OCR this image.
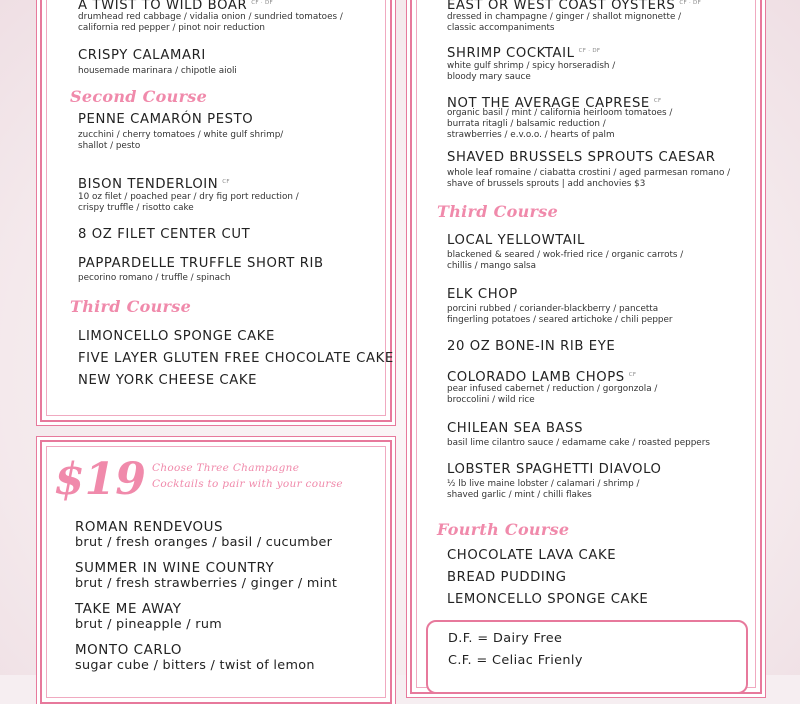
A TWIST TO WILD BOAR $^{CF \cdot DF}$
drumhead red cabbage / vidalia onion / sundried tomatoes /
california red pepper / pinot noir reduction
CRISPY CALAMARI
housemade marinara / chipotle aioli
Second Course
PENNE CAMARÓN PESTO
zucchini / cherry tomatoes / white gulf shrimp/
shallot / pesto
BISON TENDERLOIN $^{CF}$
10 oz filet / poached pear / dry fig port reduction /
crispy truffle / risotto cake
8 OZ FILET CENTER CUT
PAPPARDELLE TRUFFLE SHORT RIB
pecorino romano / truffle / spinach
Third Course
LIMONCELLO SPONGE CAKE
FIVE LAYER GLUTEN FREE CHOCOLATE CAKE
NEW YORK CHEESE CAKE
$19 Choose Three Champagne
Cocktails to pair with your course
ROMAN RENDEVOUS
brut / fresh oranges / basil / cucumber
SUMMER IN WINE COUNTRY
brut / fresh strawberries / ginger / mint
TAKE ME AWAY
brut / pineapple / rum
MONTO CARLO
sugar cube / bitters / twist of lemon
EAST OR WEST COAST OYSTERS $^{CF \cdot DF}$
dressed in champagne / ginger / shallot mignonette /
classic accompaniments
SHRIMP COCKTAIL $^{CF \cdot DF}$
white gulf shrimp / spicy horseradish /
bloody mary sauce
NOT THE AVERAGE CAPRESE $^{CF}$
organic basil / mint / california heirloom tomatoes /
burrata ritagli / balsamic reduction /
strawberries / e.v.o.o. / hearts of palm
SHAVED BRUSSELS SPROUTS CAESAR
whole leaf romaine / ciabatta crostini / aged parmesan romano /
shave of brussels sprouts | add anchovies $3
Third Course
LOCAL YELLOWTAIL
blackened & seared / wok-fried rice / organic carrots /
chillis / mango salsa
ELK CHOP
porcini rubbed / coriander-blackberry / pancetta
fingerling potatoes / seared artichoke / chili pepper
20 OZ BONE-IN RIB EYE
COLORADO LAMB CHOPS $^{CF}$
pear infused cabernet / reduction / gorgonzola /
broccolini / wild rice
CHILEAN SEA BASS
basil lime cilantro sauce / edamame cake / roasted peppers
LOBSTER SPAGHETTI DIAVOLO
½ lb live maine lobster / calamari / shrimp /
shaved garlic / mint / chilli flakes
Fourth Course
CHOCOLATE LAVA CAKE
BREAD PUDDING
LEMONCELLO SPONGE CAKE
D.F. = Dairy Free
C.F. = Celiac Frienly
